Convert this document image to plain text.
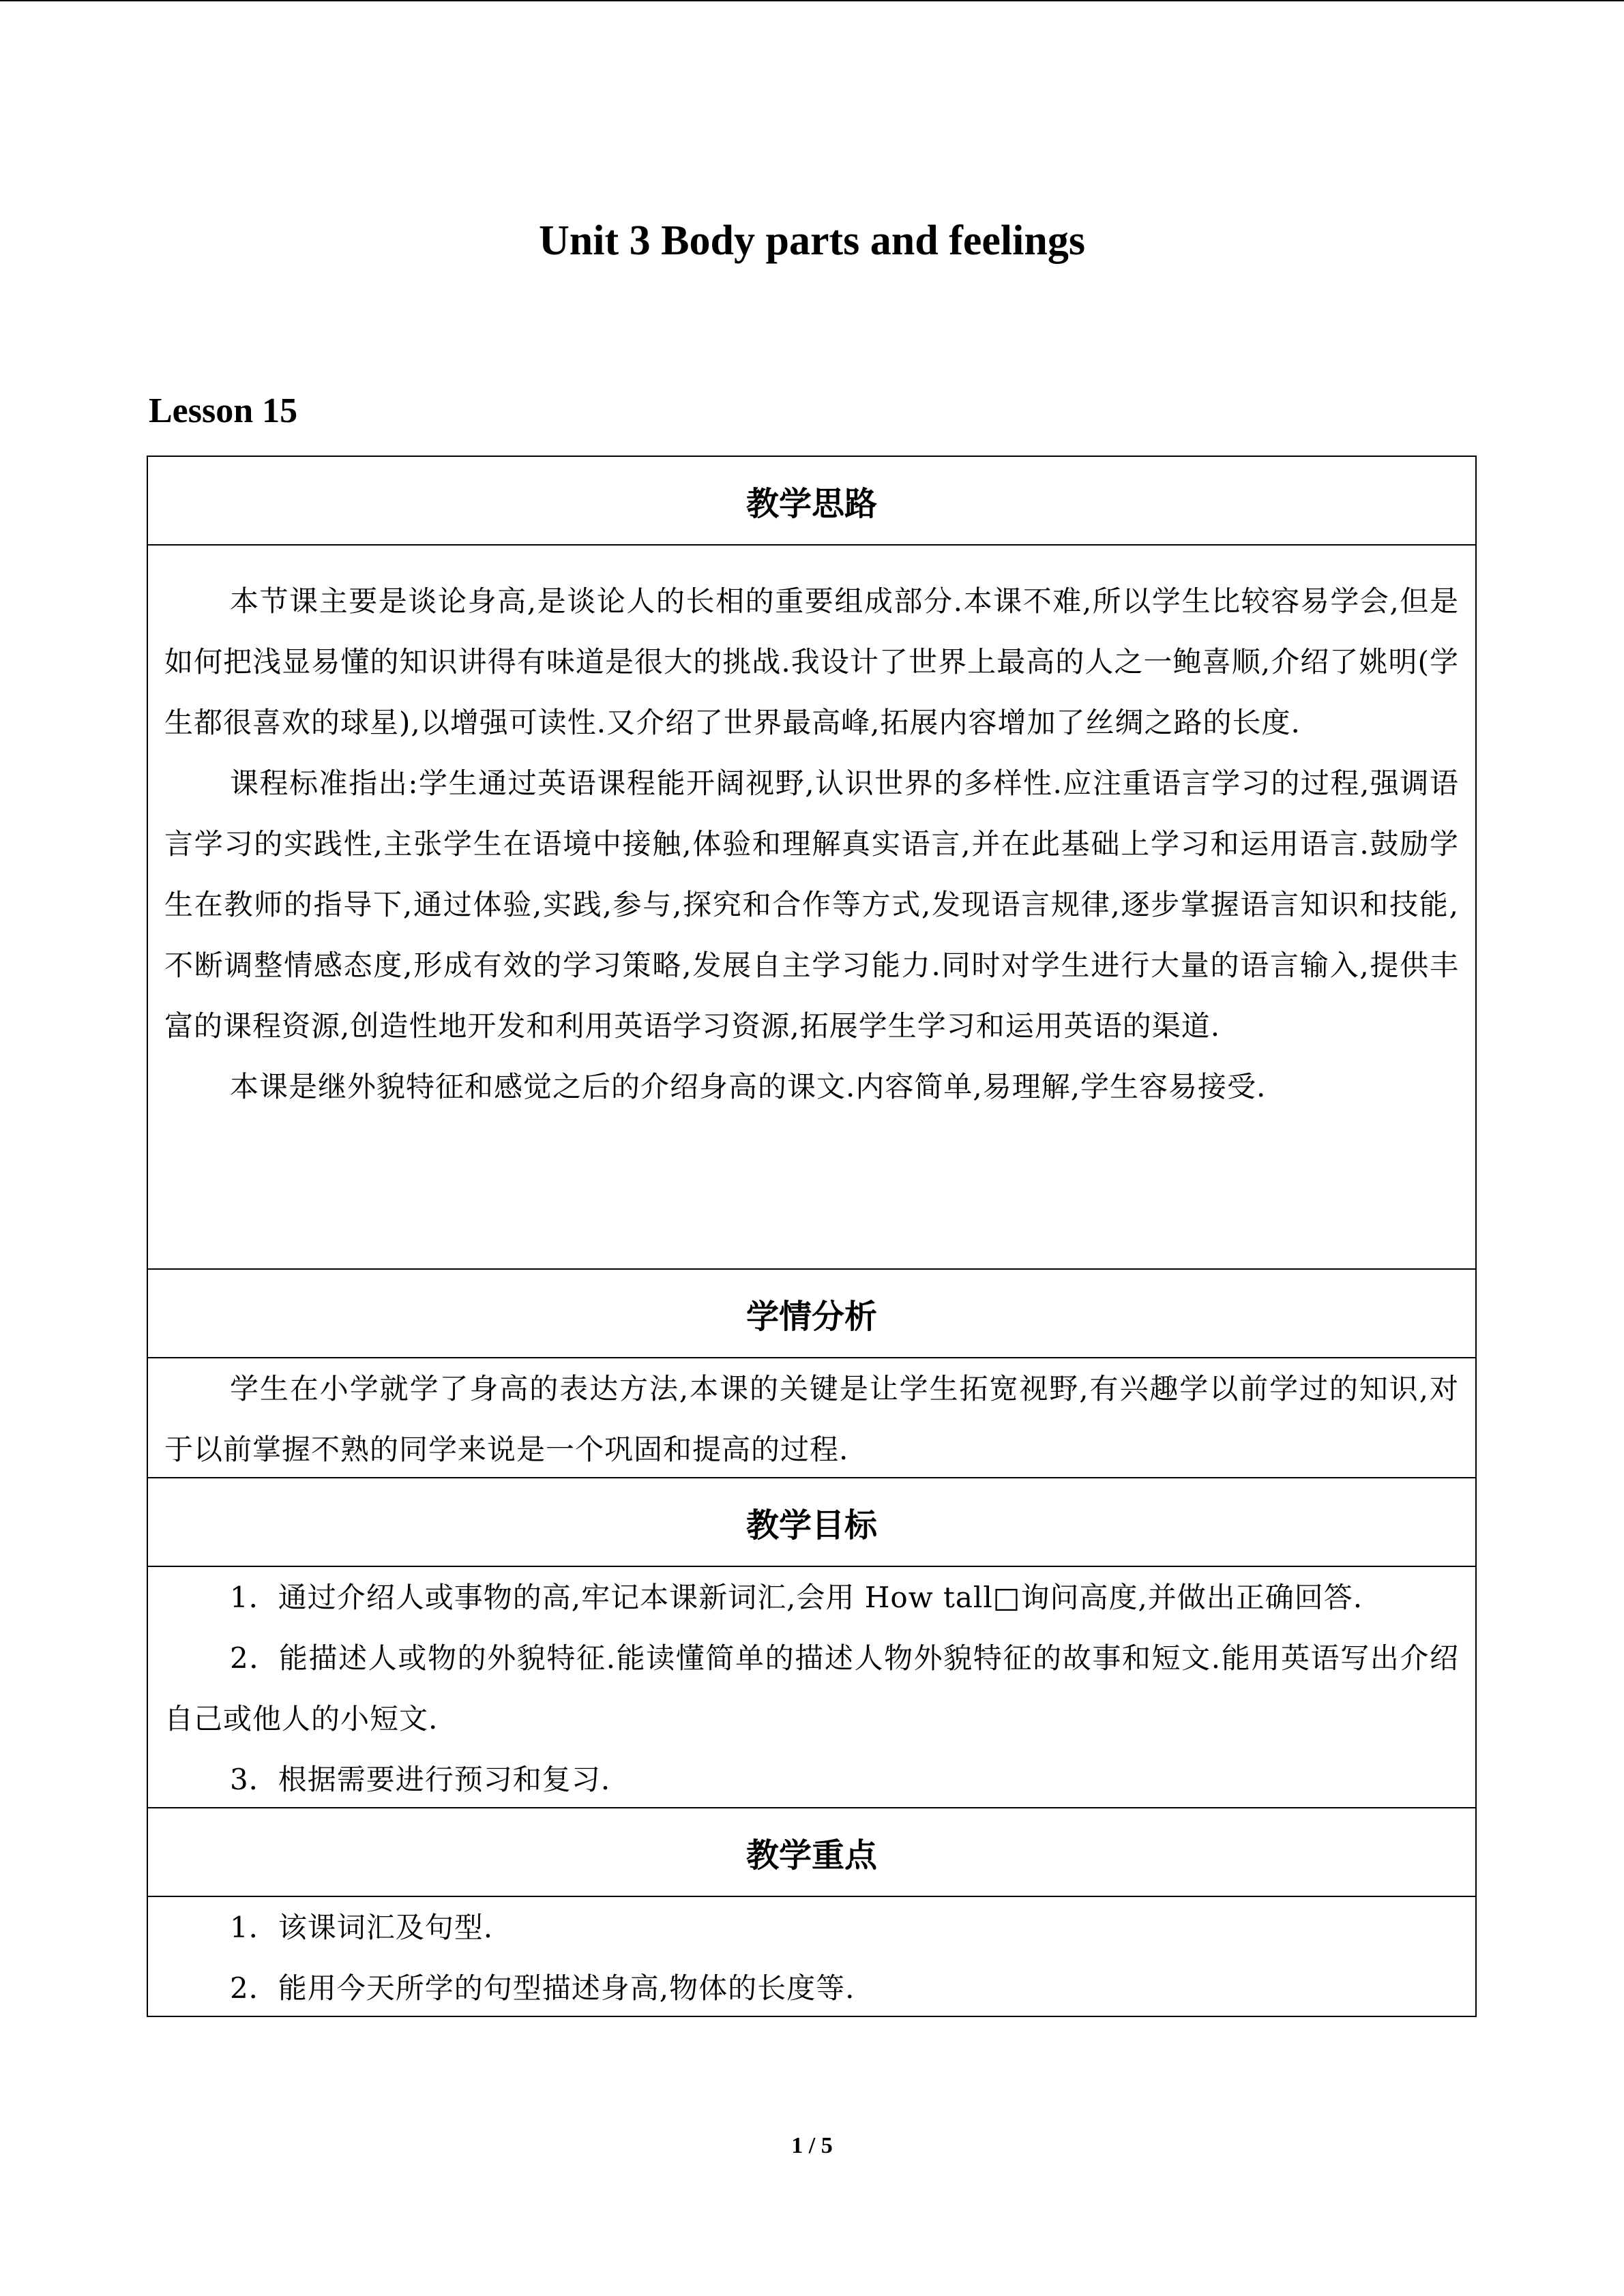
Unit 3 Body parts and feelings
Lesson 15
教学思路

本节课主要是谈论身高,是谈论人的长相的重要组成部分.本课不难,所以学生比较容易学会,但是如何把浅显易懂的知识讲得有味道是很大的挑战.我设计了世界上最高的人之一鲍喜顺,介绍了姚明(学生都很喜欢的球星),以增强可读性.又介绍了世界最高峰,拓展内容增加了丝绸之路的长度.

课程标准指出:学生通过英语课程能开阔视野,认识世界的多样性.应注重语言学习的过程,强调语言学习的实践性,主张学生在语境中接触,体验和理解真实语言,并在此基础上学习和运用语言.鼓励学生在教师的指导下,通过体验,实践,参与,探究和合作等方式,发现语言规律,逐步掌握语言知识和技能,不断调整情感态度,形成有效的学习策略,发展自主学习能力.同时对学生进行大量的语言输入,提供丰富的课程资源,创造性地开发和利用英语学习资源,拓展学生学习和运用英语的渠道.

本课是继外貌特征和感觉之后的介绍身高的课文.内容简单,易理解,学生容易接受.

学情分析

学生在小学就学了身高的表达方法,本课的关键是让学生拓宽视野,有兴趣学以前学过的知识,对于以前掌握不熟的同学来说是一个巩固和提高的过程.

教学目标

1．通过介绍人或事物的高,牢记本课新词汇,会用 How tall□询问高度,并做出正确回答.

2．能描述人或物的外貌特征.能读懂简单的描述人物外貌特征的故事和短文.能用英语写出介绍自己或他人的小短文.

3．根据需要进行预习和复习.

教学重点

1．该课词汇及句型.

2．能用今天所学的句型描述身高,物体的长度等.

1 / 5
